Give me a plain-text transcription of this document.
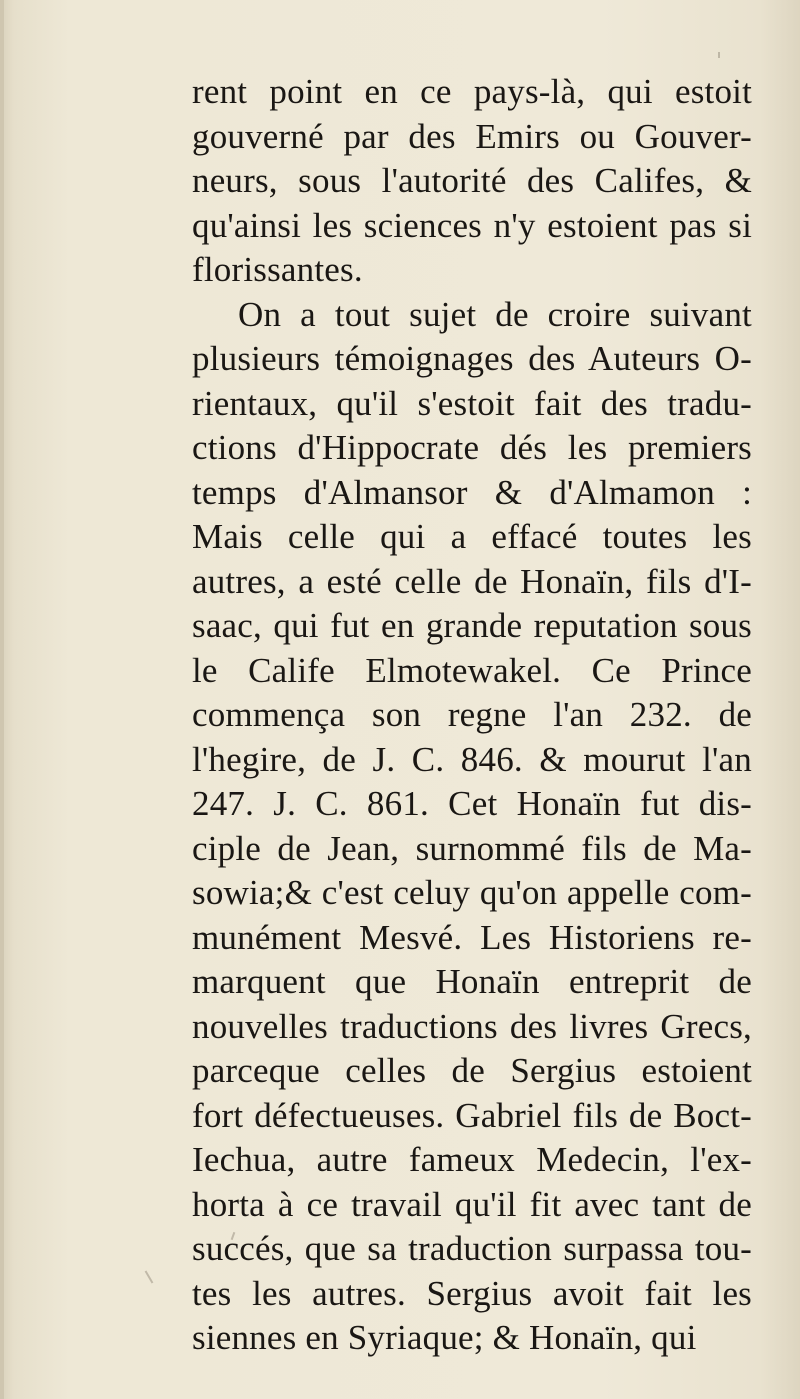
rent point en ce pays-là, qui estoit
gouverné par des Emirs ou Gouver-
neurs, sous l'autorité des Califes, &
qu'ainsi les sciences n'y estoient pas si
florissantes.
On a tout sujet de croire suivant
plusieurs témoignages des Auteurs O-
rientaux, qu'il s'estoit fait des tradu-
ctions d'Hippocrate dés les premiers
temps d'Almansor & d'Almamon :
Mais celle qui a effacé toutes les
autres, a esté celle de Honaïn, fils d'I-
saac, qui fut en grande reputation sous
le Calife Elmotewakel. Ce Prince
commença son regne l'an 232. de
l'hegire, de J. C. 846. & mourut l'an
247. J. C. 861. Cet Honaïn fut dis-
ciple de Jean, surnommé fils de Ma-
sowia;& c'est celuy qu'on appelle com-
munément Mesvé. Les Historiens re-
marquent que Honaïn entreprit de
nouvelles traductions des livres Grecs,
parceque celles de Sergius estoient
fort défectueuses. Gabriel fils de Boct-
Iechua, autre fameux Medecin, l'ex-
horta à ce travail qu'il fit avec tant de
succés, que sa traduction surpassa tou-
tes les autres. Sergius avoit fait les
siennes en Syriaque; & Honaïn, qui
